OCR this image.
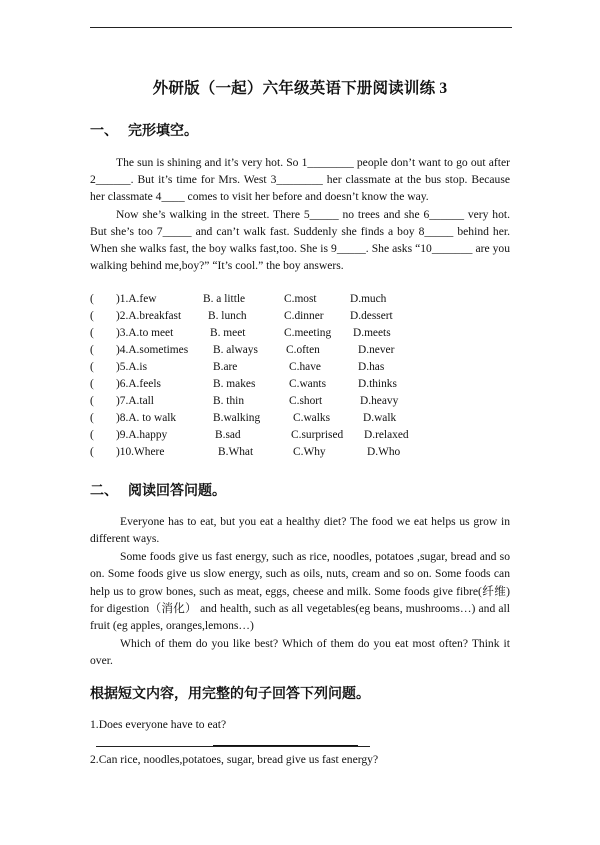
外研版（一起）六年级英语下册阅读训练 3
一、 完形填空。

The sun is shining and it’s very hot. So 1________ people don’t want to go out after 2______. But it’s time for Mrs. West 3________ her classmate at the bus stop. Because her classmate 4____ comes to visit her before and doesn’t know the way.

Now she’s walking in the street. There 5_____ no trees and she 6______ very hot. But she’s too 7_____ and can’t walk fast. Suddenly she finds a boy 8_____ behind her. When she walks fast, the boy walks fast,too. She is 9_____. She asks “10_______ are you walking behind me,boy?” “It’s cool.” the boy answers.

( )1.A.few	B. a little	C.most	D.much
( )2.A.breakfast B. lunch	C.dinner D.dessert
( )3.A.to meet	B. meet	C.meeting D.meets
( )4.A.sometimes B. always C.often	D.never
( )5.A.is	B.are	C.have	D.has
( )6.A.feels	B. makes	C.wants	D.thinks
( )7.A.tall	B. thin	C.short	D.heavy
( )8.A. to walk	B.walking	C.walks	D.walk
( )9.A.happy	B.sad	C.surprised D.relaxed
( )10.Where	B.What	C.Why	D.Who
二、 阅读回答问题。

Everyone has to eat, but you eat a healthy diet? The food we eat helps us grow in different ways.

Some foods give us fast energy, such as rice, noodles, potatoes ,sugar, bread and so on. Some foods give us slow energy, such as oils, nuts, cream and so on. Some foods can help us to grow bones, such as meat, eggs, cheese and milk. Some foods give fibre(纤维) for digestion（消化） and health, such as all vegetables(eg beans, mushrooms…) and all fruit (eg apples, oranges,lemons…)

Which of them do you like best? Which of them do you eat most often? Think it over.

根据短文内容，用完整的句子回答下列问题。
1.Does everyone have to eat?
2.Can rice, noodles,potatoes, sugar, bread give us fast energy?
